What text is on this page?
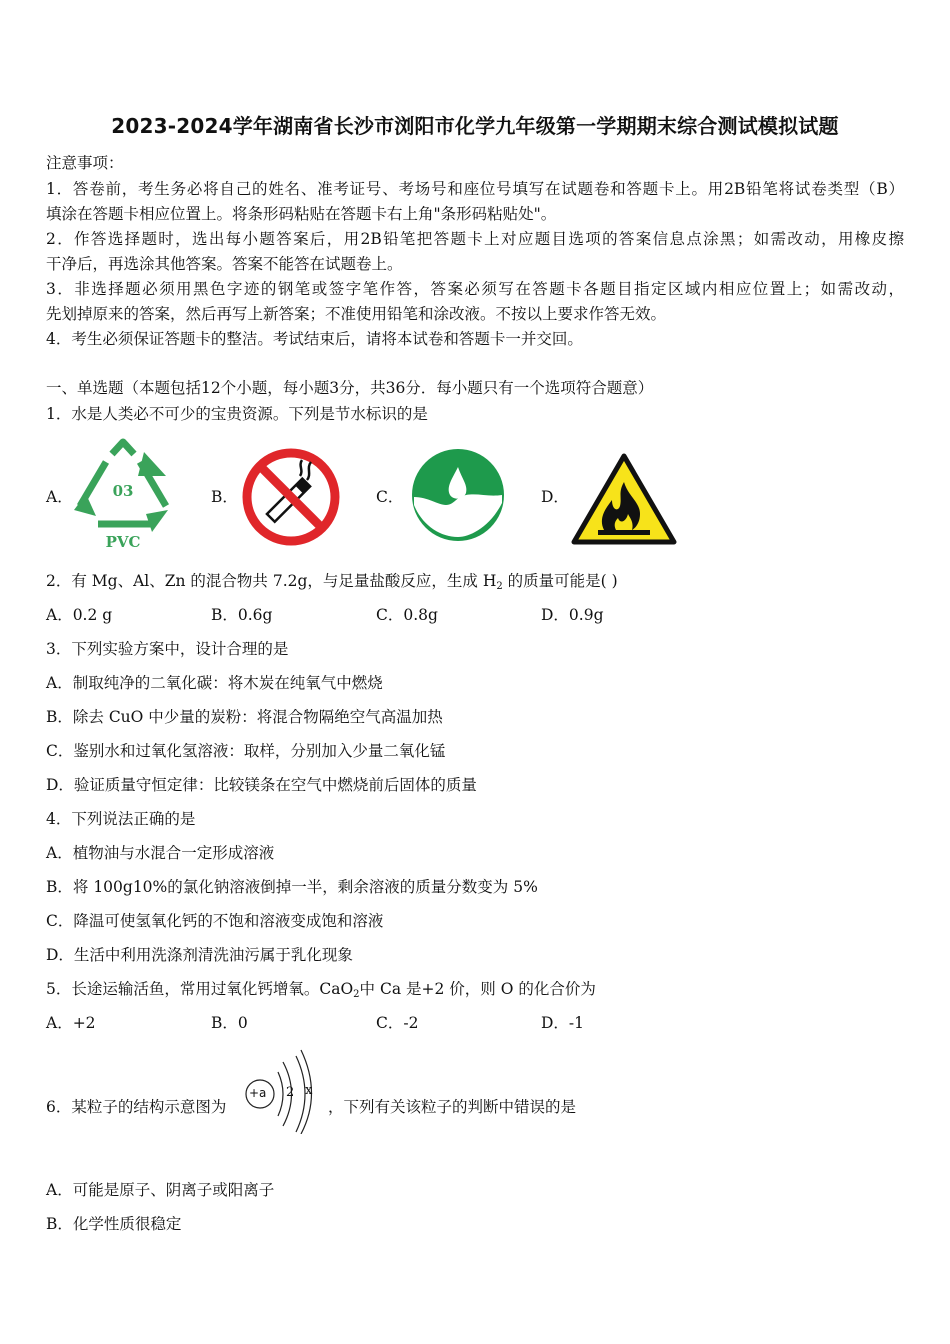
2023-2024学年湖南省长沙市浏阳市化学九年级第一学期期末综合测试模拟试题
注意事项：
1．答卷前，考生务必将自己的姓名、准考证号、考场号和座位号填写在试题卷和答题卡上。用2B铅笔将试卷类型（B）
填涂在答题卡相应位置上。将条形码粘贴在答题卡右上角"条形码粘贴处"。
2．作答选择题时，选出每小题答案后，用2B铅笔把答题卡上对应题目选项的答案信息点涂黑；如需改动，用橡皮擦
干净后，再选涂其他答案。答案不能答在试题卷上。
3．非选择题必须用黑色字迹的钢笔或签字笔作答，答案必须写在答题卡各题目指定区域内相应位置上；如需改动，
先划掉原来的答案，然后再写上新答案；不准使用铅笔和涂改液。不按以上要求作答无效。
4．考生必须保证答题卡的整洁。考试结束后，请将本试卷和答题卡一并交回。
一、单选题（本题包括12个小题，每小题3分，共36分．每小题只有一个选项符合题意）
1．水是人类必不可少的宝贵资源。下列是节水标识的是
A．	B．	C．	D．
03
PVC
2．有 Mg、Al、Zn 的混合物共 7.2g，与足量盐酸反应，生成 $H_2$ 的质量可能是( )
A．0.2 g	B．0.6g	C．0.8g	D．0.9g
3．下列实验方案中，设计合理的是
A．制取纯净的二氧化碳：将木炭在纯氧气中燃烧
B．除去 CuO 中少量的炭粉：将混合物隔绝空气高温加热
C．鉴别水和过氧化氢溶液：取样，分别加入少量二氧化锰
D．验证质量守恒定律：比较镁条在空气中燃烧前后固体的质量
4．下列说法正确的是
A．植物油与水混合一定形成溶液
B．将 100g10%的氯化钠溶液倒掉一半，剩余溶液的质量分数变为 5%
C．降温可使氢氧化钙的不饱和溶液变成饱和溶液
D．生活中利用洗涤剂清洗油污属于乳化现象
5．长途运输活鱼，常用过氧化钙增氧。CaO$_2$中 Ca 是+2 价，则 O 的化合价为
A．+2	B．0	C．-2	D．-1
6．某粒子的结构示意图为
+a 2 x
，下列有关该粒子的判断中错误的是
A．可能是原子、阴离子或阳离子
B．化学性质很稳定
